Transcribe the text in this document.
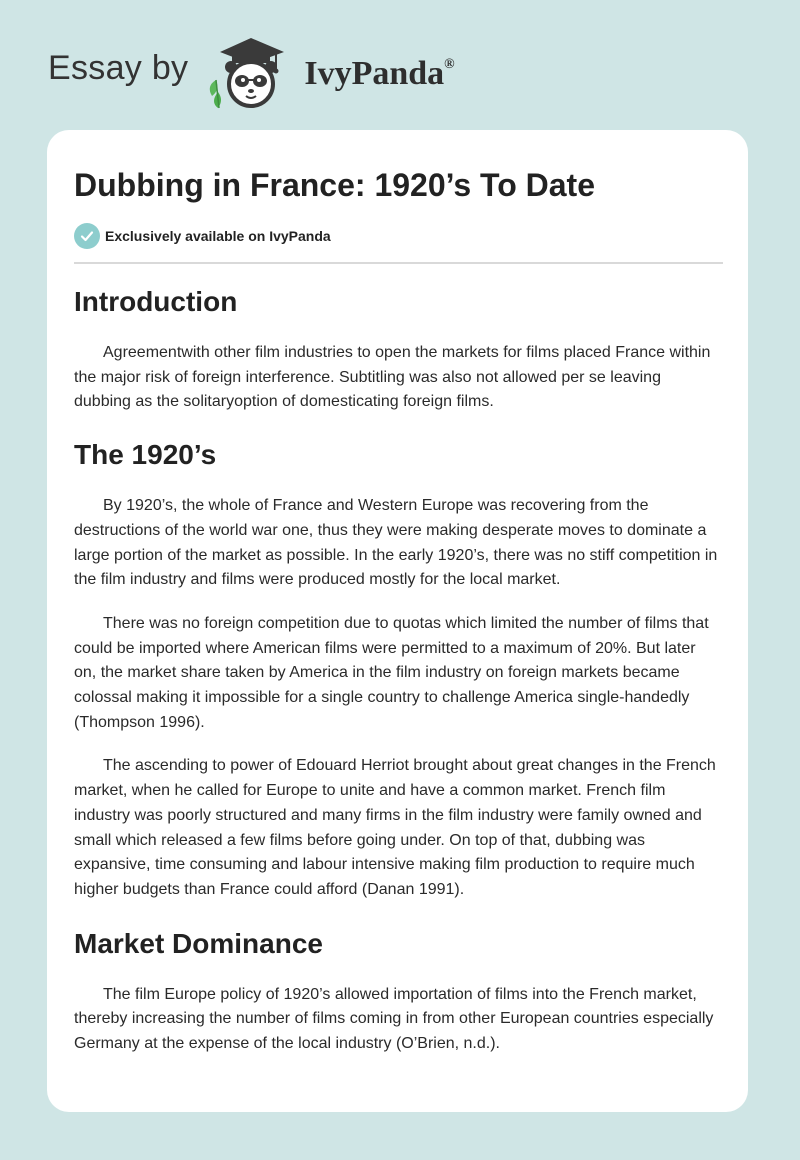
Essay by	IvyPanda®
Dubbing in France: 1920’s To Date
Exclusively available on IvyPanda
Introduction

Agreementwith other film industries to open the markets for films placed France within the major risk of foreign interference. Subtitling was also not allowed per se leaving dubbing as the solitaryoption of domesticating foreign films.

The 1920’s

By 1920’s, the whole of France and Western Europe was recovering from the destructions of the world war one, thus they were making desperate moves to dominate a large portion of the market as possible. In the early 1920’s, there was no stiff competition in the film industry and films were produced mostly for the local market.

There was no foreign competition due to quotas which limited the number of films that could be imported where American films were permitted to a maximum of 20%. But later on, the market share taken by America in the film industry on foreign markets became colossal making it impossible for a single country to challenge America single-handedly (Thompson 1996).

The ascending to power of Edouard Herriot brought about great changes in the French market, when he called for Europe to unite and have a common market. French film industry was poorly structured and many firms in the film industry were family owned and small which released a few films before going under. On top of that, dubbing was expansive, time consuming and labour intensive making film production to require much higher budgets than France could afford (Danan 1991).

Market Dominance

The film Europe policy of 1920’s allowed importation of films into the French market, thereby increasing the number of films coming in from other European countries especially Germany at the expense of the local industry (O’Brien, n.d.).
